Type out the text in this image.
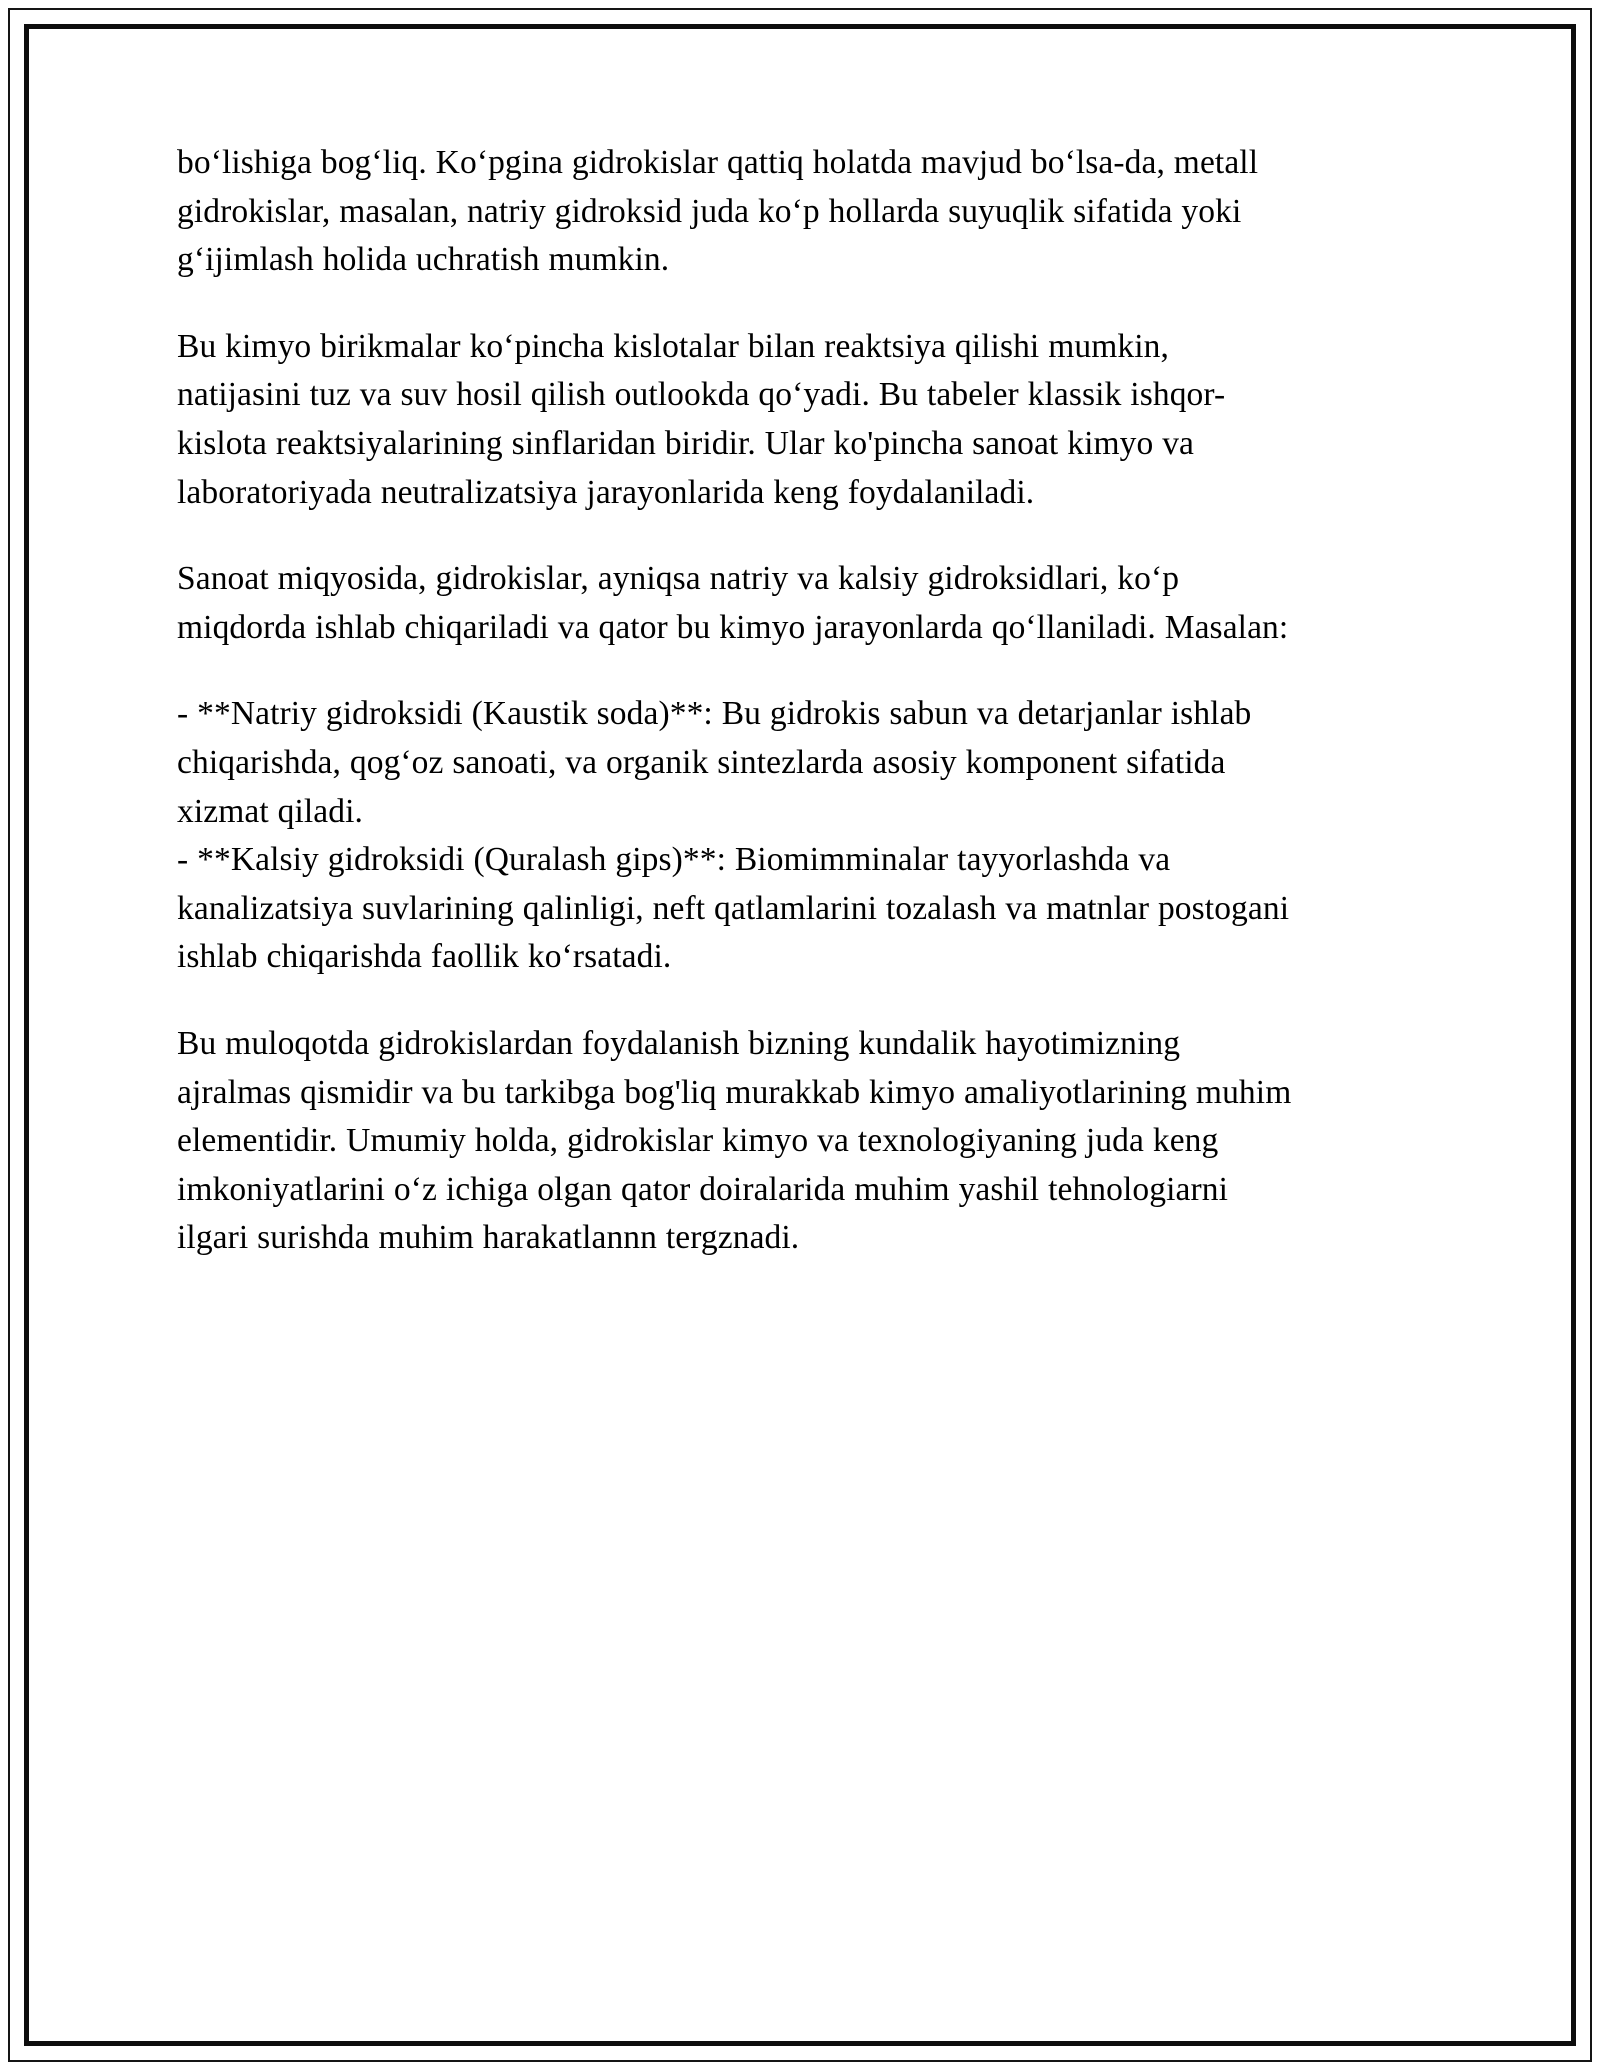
bo‘lishiga bog‘liq. Ko‘pgina gidrokislar qattiq holatda mavjud bo‘lsa-da, metall gidrokislar, masalan, natriy gidroksid juda ko‘p hollarda suyuqlik sifatida yoki g‘ijimlash holida uchratish mumkin.

Bu kimyo birikmalar ko‘pincha kislotalar bilan reaktsiya qilishi mumkin, natijasini tuz va suv hosil qilish outlookda qo‘yadi. Bu tabeler klassik ishqor-kislota reaktsiyalarining sinflaridan biridir. Ular ko'pincha sanoat kimyo va laboratoriyada neutralizatsiya jarayonlarida keng foydalaniladi.

Sanoat miqyosida, gidrokislar, ayniqsa natriy va kalsiy gidroksidlari, ko‘p miqdorda ishlab chiqariladi va qator bu kimyo jarayonlarda qo‘llaniladi. Masalan:

- **Natriy gidroksidi (Kaustik soda)**: Bu gidrokis sabun va detarjanlar ishlab chiqarishda, qog‘oz sanoati, va organik sintezlarda asosiy komponent sifatida xizmat qiladi.

- **Kalsiy gidroksidi (Quralash gips)**: Biomimminalar tayyorlashda va kanalizatsiya suvlarining qalinligi, neft qatlamlarini tozalash va matnlar postogani ishlab chiqarishda faollik ko‘rsatadi.

Bu muloqotda gidrokislardan foydalanish bizning kundalik hayotimizning ajralmas qismidir va bu tarkibga bog'liq murakkab kimyo amaliyotlarining muhim elementidir. Umumiy holda, gidrokislar kimyo va texnologiyaning juda keng imkoniyatlarini o‘z ichiga olgan qator doiralarida muhim yashil tehnologiarni ilgari surishda muhim harakatlannn tergznadi.
